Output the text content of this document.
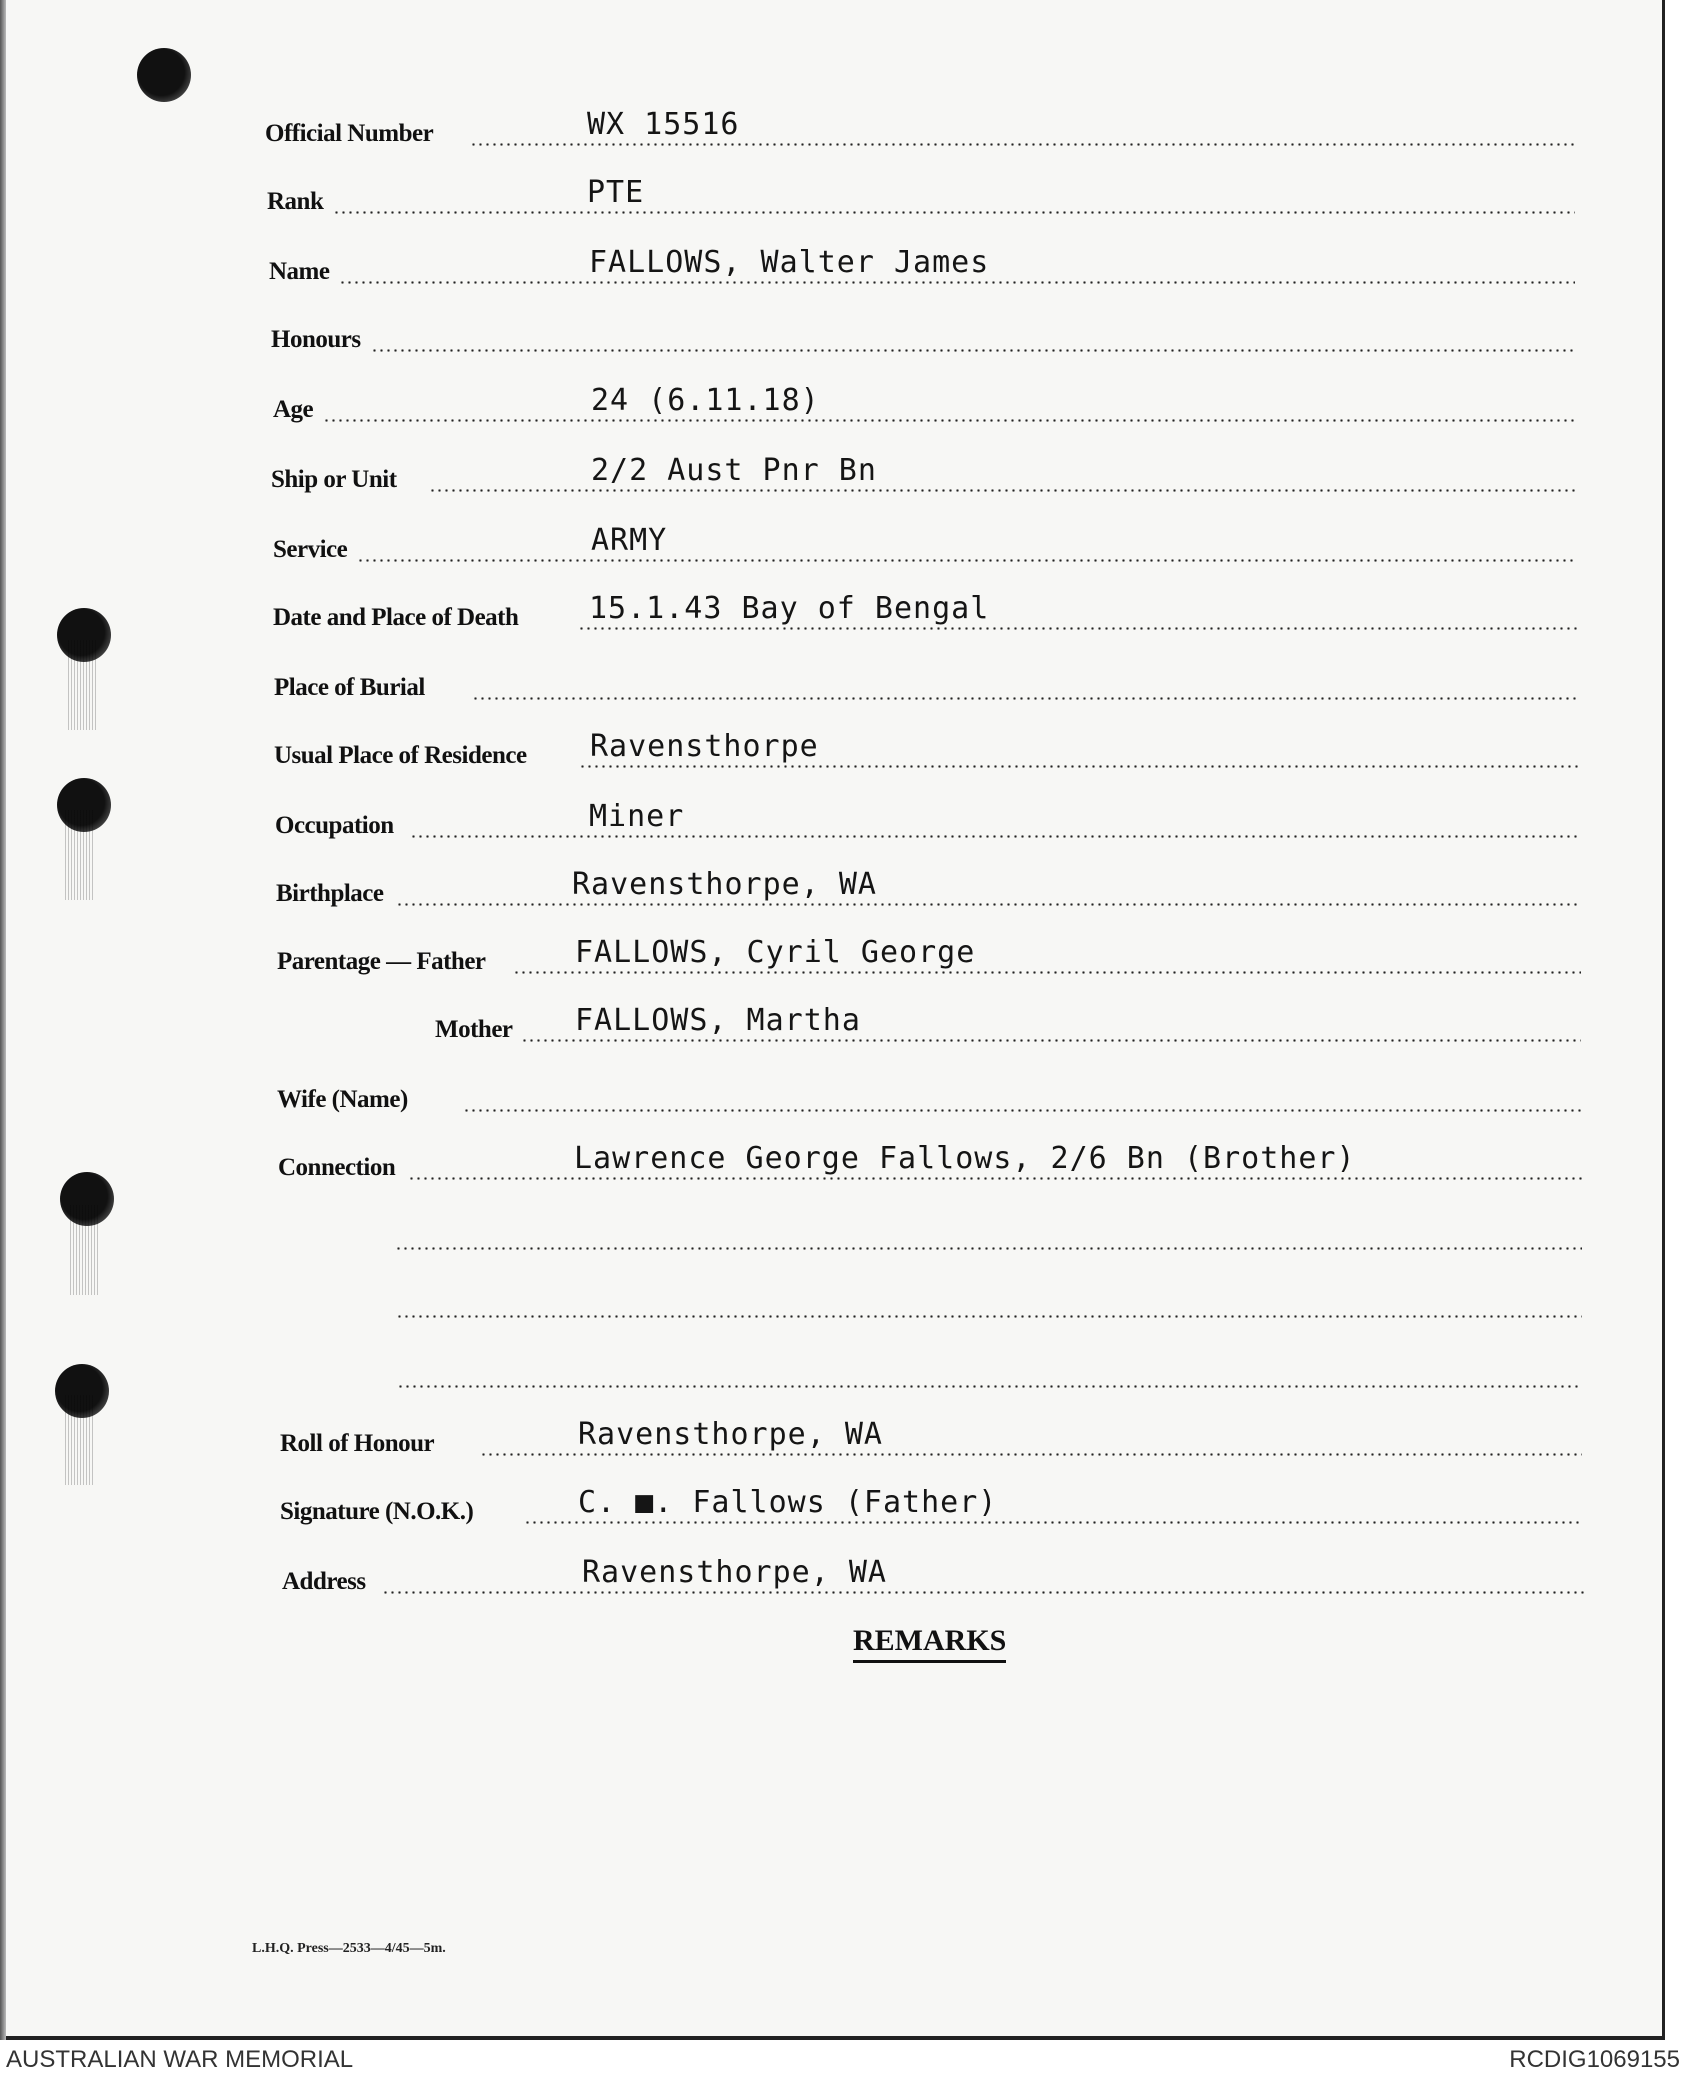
Official Number	WX 15516
Rank	PTE
Name	FALLOWS, Walter James
Honours
Age	24 (6.11.18)
Ship or Unit	2/2 Aust Pnr Bn
Service	ARMY
Date and Place of Death 15.1.43 Bay of Bengal
Place of Burial
Usual Place of Residence Ravensthorpe
Occupation	Miner
Birthplace	Ravensthorpe, WA
Parentage — Father	FALLOWS, Cyril George
Mother FALLOWS, Martha
Wife (Name)
Connection	Lawrence George Fallows, 2/6 Bn (Brother)
Roll of Honour	Ravensthorpe, WA
Signature (N.O.K.)	C. ■. Fallows (Father)
Address	Ravensthorpe, WA
REMARKS
L.H.Q. Press—2533—4/45—5m.
AUSTRALIAN WAR MEMORIAL	RCDIG1069155
